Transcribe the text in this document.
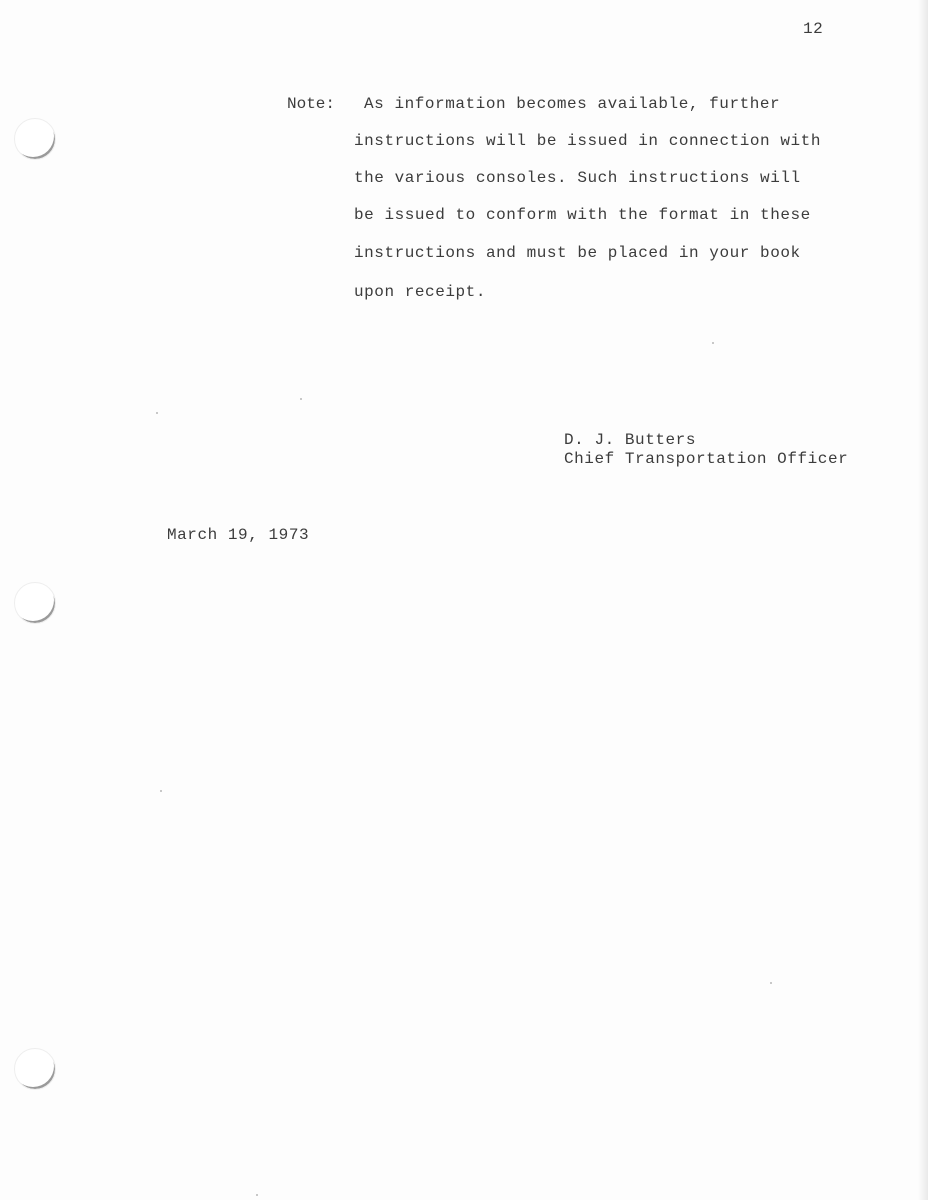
12
Note: As information becomes available, further
instructions will be issued in connection with
the various consoles. Such instructions will
be issued to conform with the format in these
instructions and must be placed in your book
upon receipt.
D. J. Butters
Chief Transportation Officer
March 19, 1973
